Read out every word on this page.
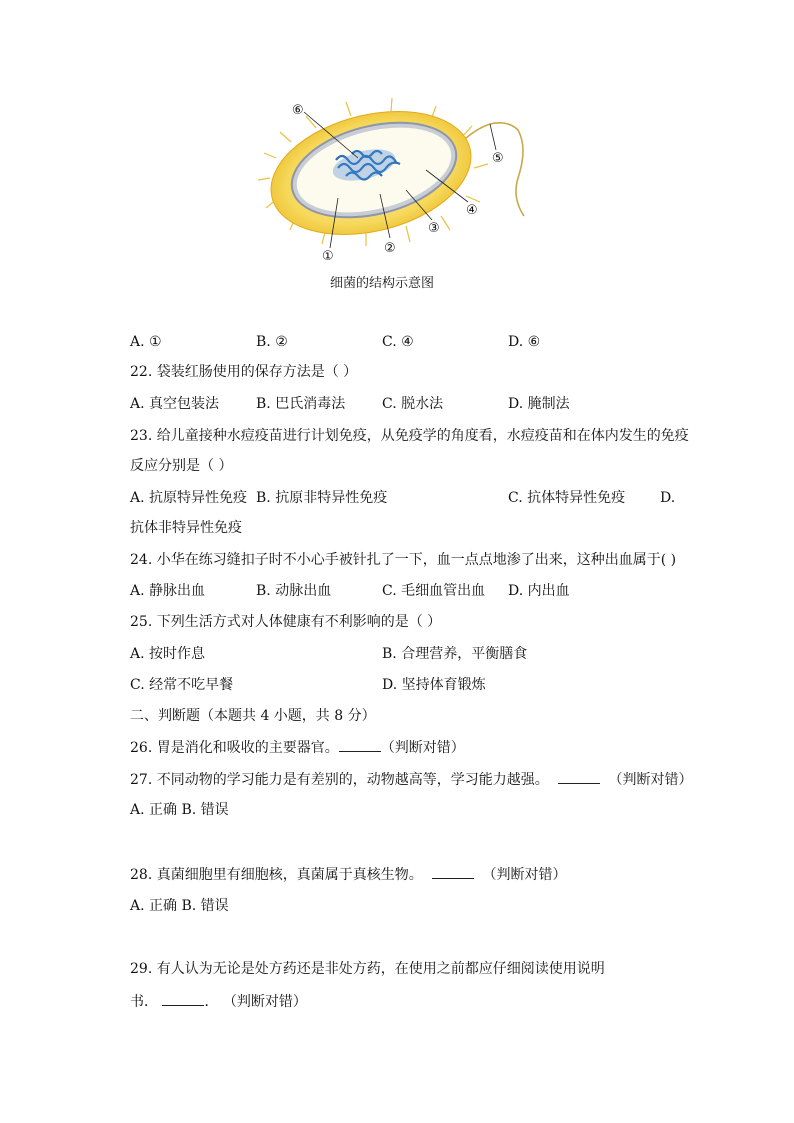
⑥
⑤
④
③
②
①
细菌的结构示意图
A. ①	B. ②	C. ④	D. ⑥
22. 袋装红肠使用的保存方法是（ ）
A. 真空包装法	B. 巴氏消毒法	C. 脱水法	D. 腌制法
23. 给儿童接种水痘疫苗进行计划免疫，从免疫学的角度看，水痘疫苗和在体内发生的免疫
反应分别是（ ）
A. 抗原特异性免疫 B. 抗原非特异性免疫	C. 抗体特异性免疫 D.
抗体非特异性免疫
24. 小华在练习缝扣子时不小心手被针扎了一下，血一点点地渗了出来，这种出血属于( )
A. 静脉出血	B. 动脉出血	C. 毛细血管出血 D. 内出血
25. 下列生活方式对人体健康有不利影响的是（ ）
A. 按时作息	B. 合理营养，平衡膳食
C. 经常不吃早餐	D. 坚持体育锻炼
二、判断题（本题共 4 小题，共 8 分）
26. 胃是消化和吸收的主要器官。	（判断对错）
27. 不同动物的学习能力是有差别的，动物越高等，学习能力越强。	（判断对错）
A. 正确 B. 错误
28. 真菌细胞里有细胞核，真菌属于真核生物。	（判断对错）
A. 正确 B. 错误
29. 有人认为无论是处方药还是非处方药，在使用之前都应仔细阅读使用说明
书．	． （判断对错）
